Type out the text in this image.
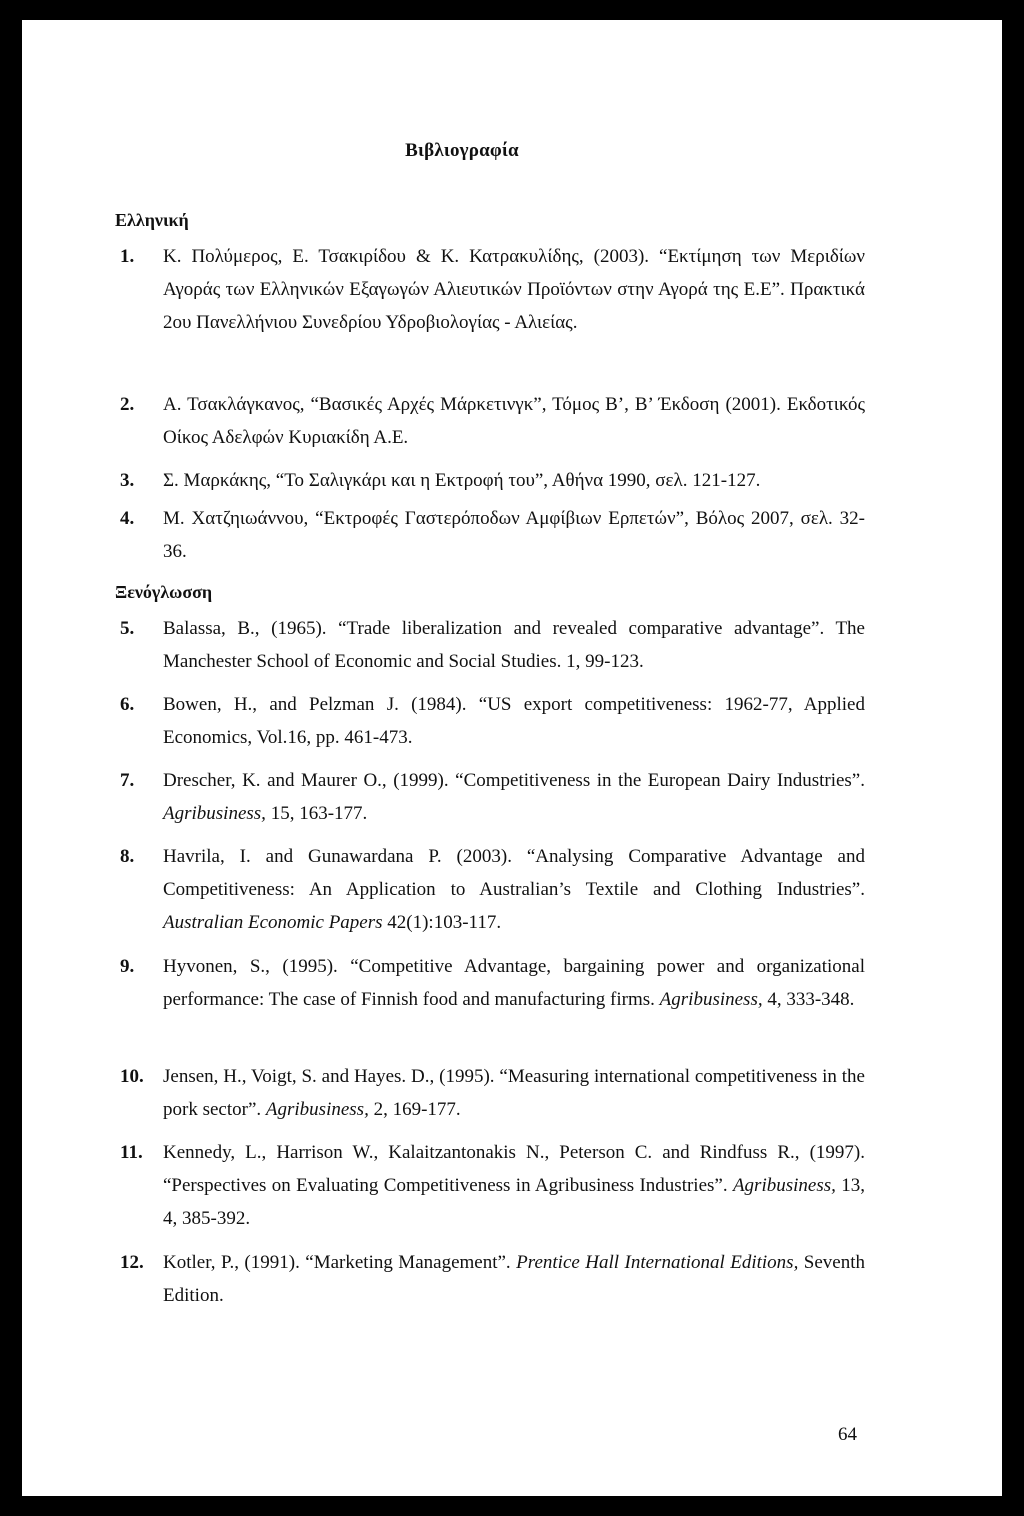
Βιβλιογραφία
Ελληνική
1.	Κ. Πολύμερος, Ε. Τσακιρίδου & Κ. Κατρακυλίδης, (2003). “Εκτίμηση των Μεριδίων Αγοράς των Ελληνικών Εξαγωγών Αλιευτικών Προϊόντων στην Αγορά της Ε.Ε”. Πρακτικά 2ου Πανελλήνιου Συνεδρίου Υδροβιολογίας - Αλιείας.
2.	Α. Τσακλάγκανος, “Βασικές Αρχές Μάρκετινγκ”, Τόμος Β’, Β’ Έκδοση (2001). Εκδοτικός Οίκος Αδελφών Κυριακίδη Α.Ε.
3.	Σ. Μαρκάκης, “Το Σαλιγκάρι και η Εκτροφή του”, Αθήνα 1990, σελ. 121-127.
4.	Μ. Χατζηιωάννου, “Εκτροφές Γαστερόποδων Αμφίβιων Ερπετών”, Βόλος 2007, σελ. 32-36.
Ξενόγλωσση
5.	Balassa, B., (1965). “Trade liberalization and revealed comparative advantage”. The Manchester School of Economic and Social Studies. 1, 99-123.
6.	Bowen, H., and Pelzman J. (1984). “US export competitiveness: 1962-77, Applied Economics, Vol.16, pp. 461-473.
7.	Drescher, K. and Maurer O., (1999). “Competitiveness in the European Dairy Industries”. Agribusiness, 15, 163-177.
8.	Havrila, I. and Gunawardana P. (2003). “Analysing Comparative Advantage and Competitiveness: An Application to Australian’s Textile and Clothing Industries”. Australian Economic Papers 42(1):103-117.
9.	Hyvonen, S., (1995). “Competitive Advantage, bargaining power and organizational performance: The case of Finnish food and manufacturing firms. Agribusiness, 4, 333-348.
10.	Jensen, H., Voigt, S. and Hayes. D., (1995). “Measuring international competitiveness in the pork sector”. Agribusiness, 2, 169-177.
11.	Kennedy, L., Harrison W., Kalaitzantonakis N., Peterson C. and Rindfuss R., (1997). “Perspectives on Evaluating Competitiveness in Agribusiness Industries”. Agribusiness, 13, 4, 385-392.
12.	Kotler, P., (1991). “Marketing Management”. Prentice Hall International Editions, Seventh Edition.
64
